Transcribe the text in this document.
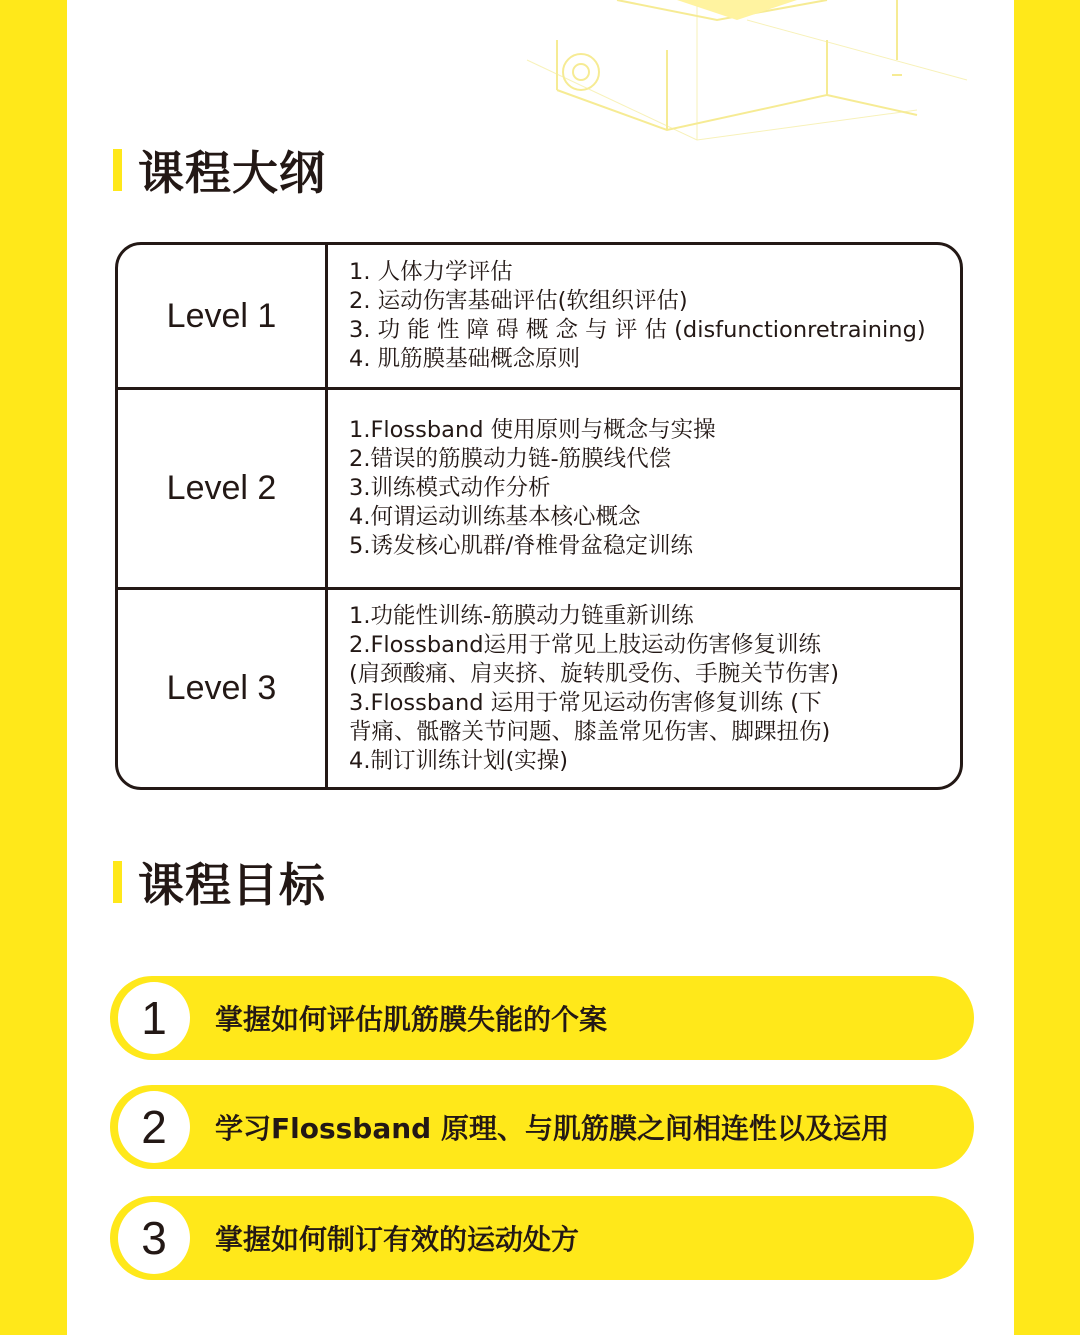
课程大纲
Level 1
1. 人体力学评估
2. 运动伤害基础评估(软组织评估)
3. 功 能 性 障 碍 概 念 与 评 估 (disfunctionretraining)
4. 肌筋膜基础概念原则
Level 2
1.Flossband 使用原则与概念与实操
2.错误的筋膜动力链-筋膜线代偿
3.训练模式动作分析
4.何谓运动训练基本核心概念
5.诱发核心肌群/脊椎骨盆稳定训练
Level 3
1.功能性训练-筋膜动力链重新训练
2.Flossband运用于常见上肢运动伤害修复训练
(肩颈酸痛、肩夹挤、旋转肌受伤、手腕关节伤害)
3.Flossband 运用于常见运动伤害修复训练 (下
背痛、骶髂关节问题、膝盖常见伤害、脚踝扭伤)
4.制订训练计划(实操)
课程目标
1	掌握如何评估肌筋膜失能的个案
2	学习Flossband 原理、与肌筋膜之间相连性以及运用
3	掌握如何制订有效的运动处方
